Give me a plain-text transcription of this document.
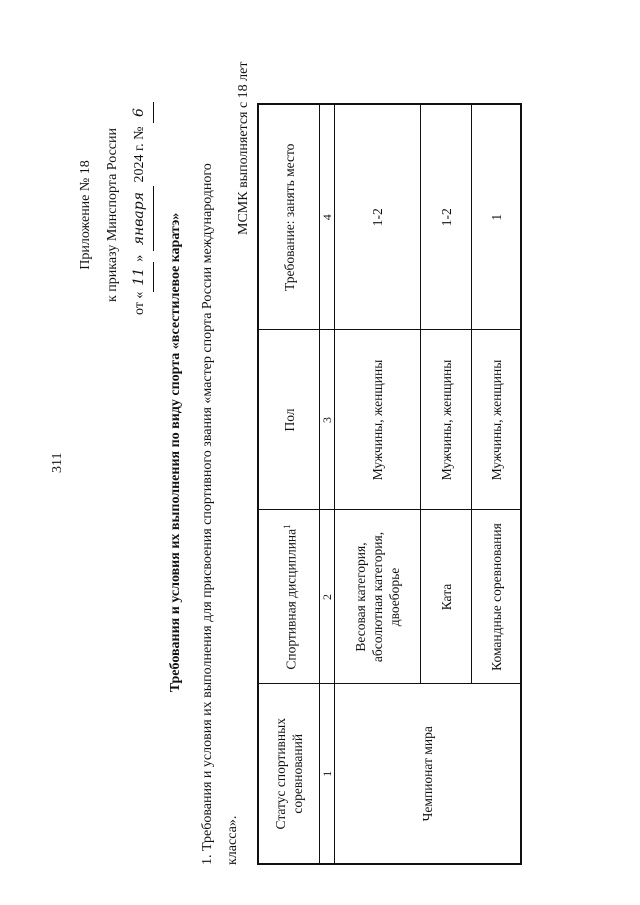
311
Приложение № 18 к приказу Минспорта России
от «11» января 2024 г. № 6
Требования и условия их выполнения по виду спорта «всестилевое каратэ»	1. Требования и условия их выполнения для присвоения спортивного звания «мастер спорта России международного класса».
МСМК выполняется с 18 лет
Статус спортивных соревнований	Спортивная дисциплина$^1$	Пол	Требование: занять место
1	2	3	4
Чемпионат мира	Весовая категория, абсолютная категория, двоеборье	Мужчины, женщины	1-2
	Ката	Мужчины, женщины	1-2
	Командные соревнования	Мужчины, женщины	1
